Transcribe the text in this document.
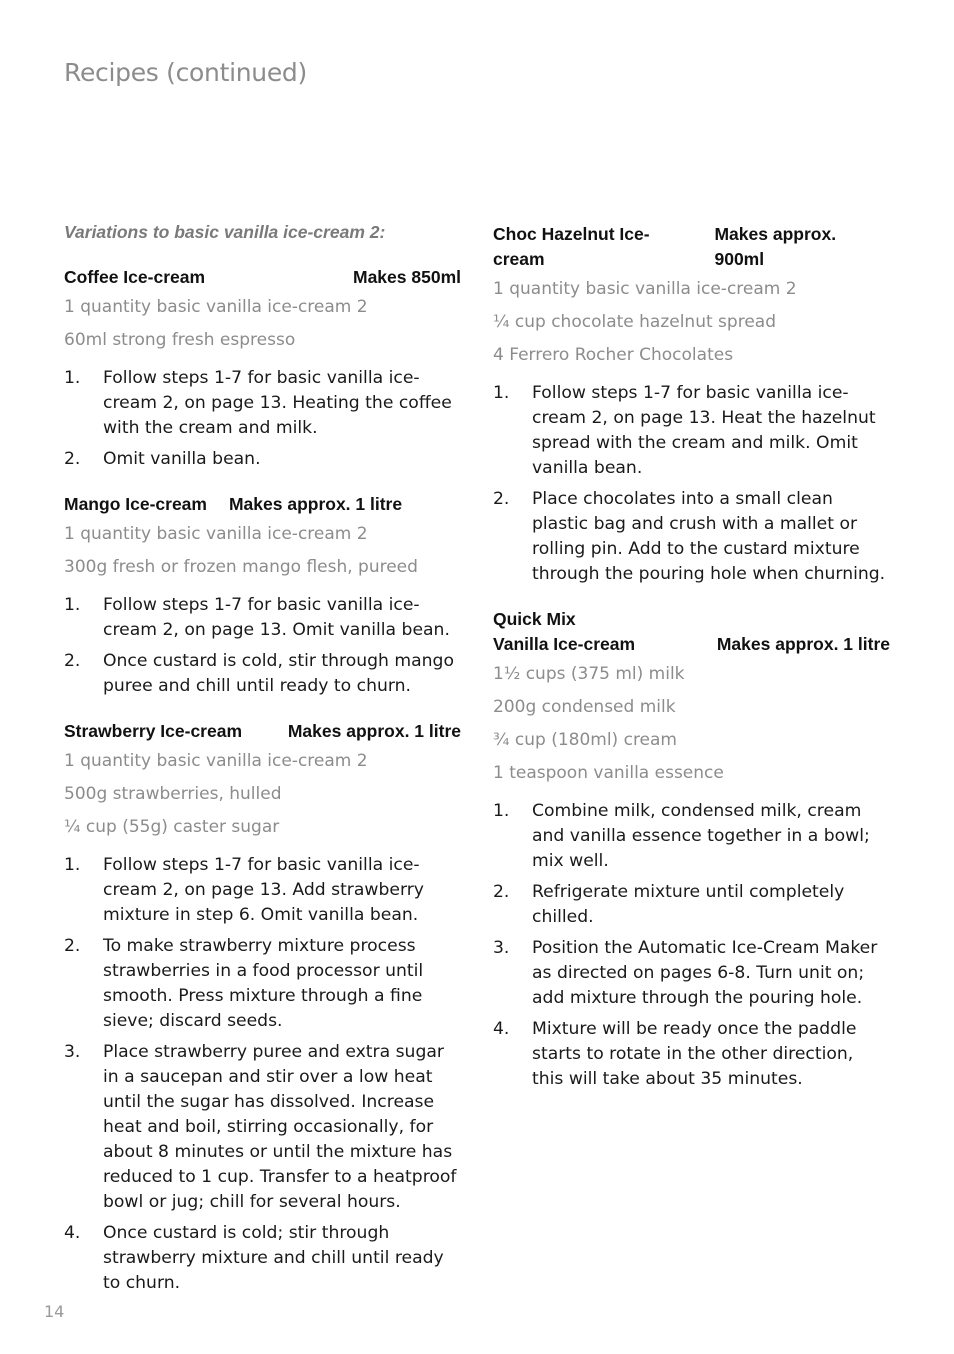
Recipes (continued)

Variations to basic vanilla ice-cream 2:

Coffee Ice-cream	Makes 850ml

1 quantity basic vanilla ice-cream 2

60ml strong fresh espresso

1.	Follow steps 1-7 for basic vanilla ice-cream 2, on page 13. Heating the coffee with the cream and milk.
2.	Omit vanilla bean.
Mango Ice-cream Makes approx. 1 litre

1 quantity basic vanilla ice-cream 2

300g fresh or frozen mango flesh, pureed

1.	Follow steps 1-7 for basic vanilla ice-cream 2, on page 13. Omit vanilla bean.
2.	Once custard is cold, stir through mango puree and chill until ready to churn.
Strawberry Ice-cream	Makes approx. 1 litre

1 quantity basic vanilla ice-cream 2

500g strawberries, hulled

¼ cup (55g) caster sugar

1.	Follow steps 1-7 for basic vanilla ice-cream 2, on page 13. Add strawberry mixture in step 6. Omit vanilla bean.
2.	To make strawberry mixture process strawberries in a food processor until smooth. Press mixture through a fine sieve; discard seeds.
3.	Place strawberry puree and extra sugar in a saucepan and stir over a low heat until the sugar has dissolved. Increase heat and boil, stirring occasionally, for about 8 minutes or until the mixture has reduced to 1 cup. Transfer to a heatproof bowl or jug; chill for several hours.
4.	Once custard is cold; stir through strawberry mixture and chill until ready to churn.
Choc Hazelnut Ice-cream
Makes approx. 900ml

1 quantity basic vanilla ice-cream 2

¼ cup chocolate hazelnut spread

4 Ferrero Rocher Chocolates

1.	Follow steps 1-7 for basic vanilla ice-cream 2, on page 13. Heat the hazelnut spread with the cream and milk. Omit vanilla bean.
2.	Place chocolates into a small clean plastic bag and crush with a mallet or rolling pin. Add to the custard mixture through the pouring hole when churning.
Quick Mix
Vanilla Ice-cream	Makes approx. 1 litre

1½ cups (375 ml) milk

200g condensed milk

¾ cup (180ml) cream

1 teaspoon vanilla essence

1.	Combine milk, condensed milk, cream and vanilla essence together in a bowl; mix well.
2.	Refrigerate mixture until completely chilled.
3.	Position the Automatic Ice-Cream Maker as directed on pages 6-8. Turn unit on; add mixture through the pouring hole.
4.	Mixture will be ready once the paddle starts to rotate in the other direction, this will take about 35 minutes.
14
